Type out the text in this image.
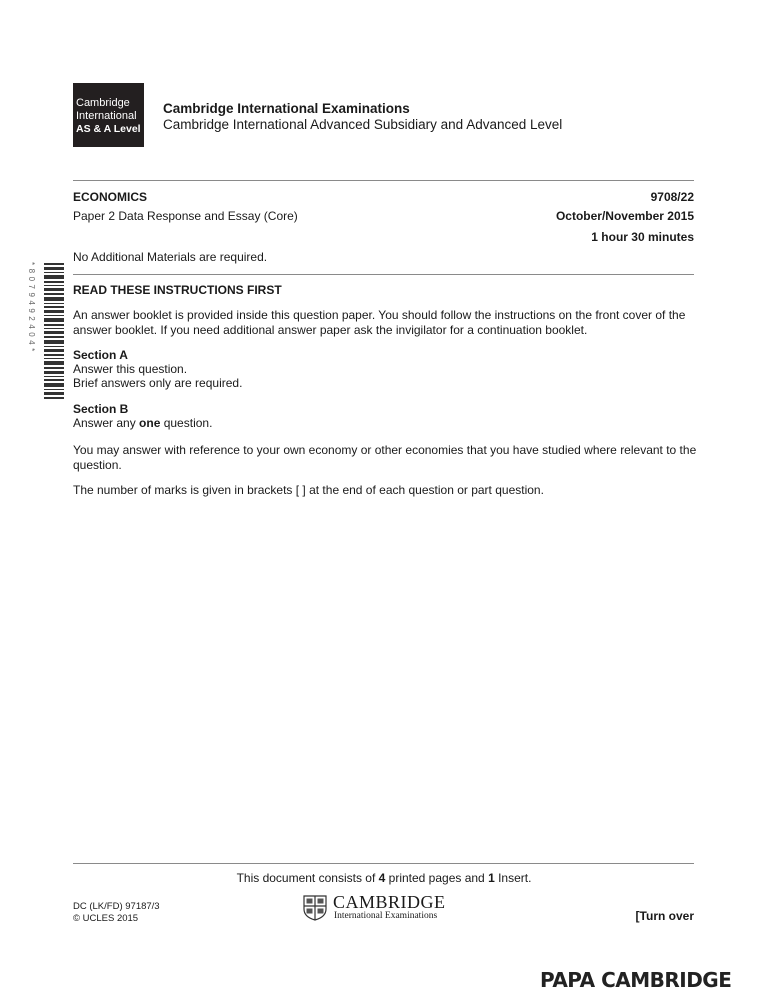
Cambridge
International
AS & A Level
Cambridge International Examinations
Cambridge International Advanced Subsidiary and Advanced Level
ECONOMICS	9708/22
Paper 2 Data Response and Essay (Core)	October/November 2015
1 hour 30 minutes
No Additional Materials are required.
*8079492404*	READ THESE INSTRUCTIONS FIRST
An answer booklet is provided inside this question paper. You should follow the instructions on the front cover of the answer booklet. If you need additional answer paper ask the invigilator for a continuation booklet.
Section A
Answer this question.
Brief answers only are required.
Section B
Answer any one question.
You may answer with reference to your own economy or other economies that you have studied where relevant to the question.
The number of marks is given in brackets [ ] at the end of each question or part question.
This document consists of 4 printed pages and 1 Insert.
DC (LK/FD) 97187/3
© UCLES 2015
CAMBRIDGE
International Examinations	[Turn over
PAPA CAMBRIDGE
